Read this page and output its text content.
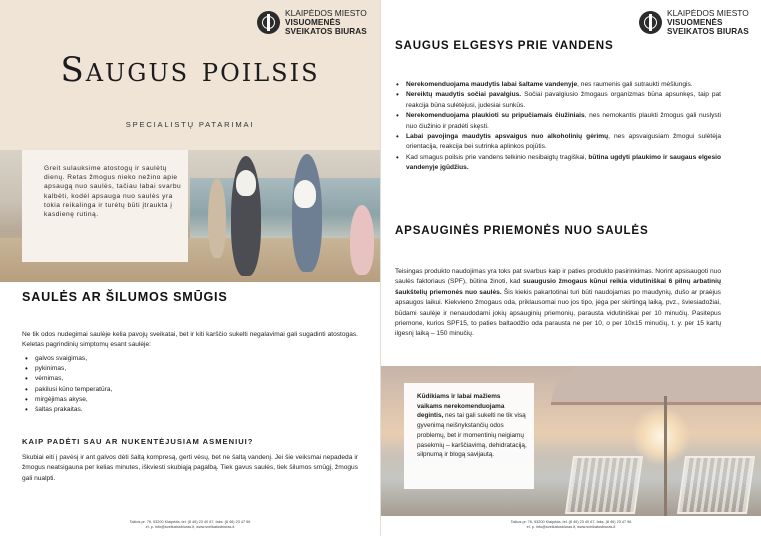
KLAIPĖDOS MIESTO
VISUOMENĖS
SVEIKATOS BIURAS
Saugus poilsis
SPECIALISTŲ PATARIMAI
Greit sulauksime atostogų ir saulėtų dienų. Retas žmogus nieko nežino apie apsaugą nuo saulės, tačiau labai svarbu kalbėti, kodėl apsauga nuo saulės yra tokia reikalinga ir turėtų būti įtraukta į kasdienę rutiną.
SAULĖS AR ŠILUMOS SMŪGIS
Ne tik odos nudegimai saulėje kelia pavojų sveikatai, bet ir kiti karščio sukelti negalavimai gali sugadinti atostogas. Keletas pagrindinių simptomų esant saulėje:
• galvos svaigimas,
• pykinimas,
• vėmimas,
• pakilusi kūno temperatūra,
• mirgėjimas akyse,
• šaltas prakaitas.
KAIP PADĖTI SAU AR NUKENTĖJUSIAM ASMENIUI?
Skubiai eiti į pavėsį ir ant galvos dėti šaltą kompresą, gerti vėsų, bet ne šaltą vandenį. Jei šie veiksmai nepadeda ir žmogus neatsigauna per kelias minutes, iškviesti skubiąją pagalbą. Tiek gavus saulės, tiek šilumos smūgį, žmogus gali nualpti.
Taikos pr. 76, 93200 Klaipėda, tel. (8 46) 23 40 67, faks. (8 46) 23 47 96
el. p. info@sveikatosbiuras.lt, www.sveikatosbiuras.lt
KLAIPĖDOS MIESTO
VISUOMENĖS
SVEIKATOS BIURAS
SAUGUS ELGESYS PRIE VANDENS
• Nerekomenduojama maudytis labai šaltame vandenyje, nes raumenis gali sutraukti mėšlungis.
• Nereiktų maudytis sočiai pavalgius. Sočiai pavalgiusio žmogaus organizmas būna apsunkęs, taip pat reakcija būna sulėtėjusi, judesiai sunkūs.
• Nerekomenduojama plaukioti su pripučiamais čiužiniais, nes nemokantis plaukti žmogus gali nuslysti nuo čiužinio ir pradėti skęsti.
• Labai pavojinga maudytis apsvaigus nuo alkoholinių gėrimų, nes apsvaigusiam žmogui sulėtėja orientacija, reakcija bei sutrinka aplinkos pojūtis.
• Kad smagus poilsis prie vandens telkinio nesibaigtų tragiškai, būtina ugdyti plaukimo ir saugaus elgesio vandenyje įgūdžius.
APSAUGINĖS PRIEMONĖS NUO SAULĖS
Teisingas produkto naudojimas yra toks pat svarbus kaip ir paties produkto pasirinkimas. Norint apsisaugoti nuo saulės faktoriaus (SPF), būtina žinoti, kad suaugusio žmogaus kūnui reikia vidutiniškai 6 pilnų arbatinių šaukštelių priemonės nuo saulės. Šis kiekis pakartotinai turi būti naudojamas po maudynių, dušo ar praėjus apsaugos laikui. Kiekvieno žmogaus oda, priklausomai nuo jos tipo, jėga per skirtingą laiką, pvz., šviesiadožiai, būdami saulėje ir nenaudodami jokių apsauginių priemonių, parausta vidutiniškai per 10 minučių. Pasitepus priemone, kurios SPF15, to paties baltaodžio oda parausta ne per 10, o per 10x15 minučių, t. y. per 15 kartų ilgesnį laiką – 150 minučių.
Kūdikiams ir labai mažiems vaikams nerekomenduojama degintis, nes tai gali sukelti ne tik visą gyvenimą neišnykstančių odos problemų, bet ir momentinių neigiamų pasekmių – karščiavimą, dehidrataciją, silpnumą ir blogą savijautą.
Taikos pr. 76, 93200 Klaipėda, tel. (8 46) 23 40 67, faks. (8 46) 23 47 96
el. p. info@sveikatosbiuras.lt, www.sveikatosbiuras.lt
